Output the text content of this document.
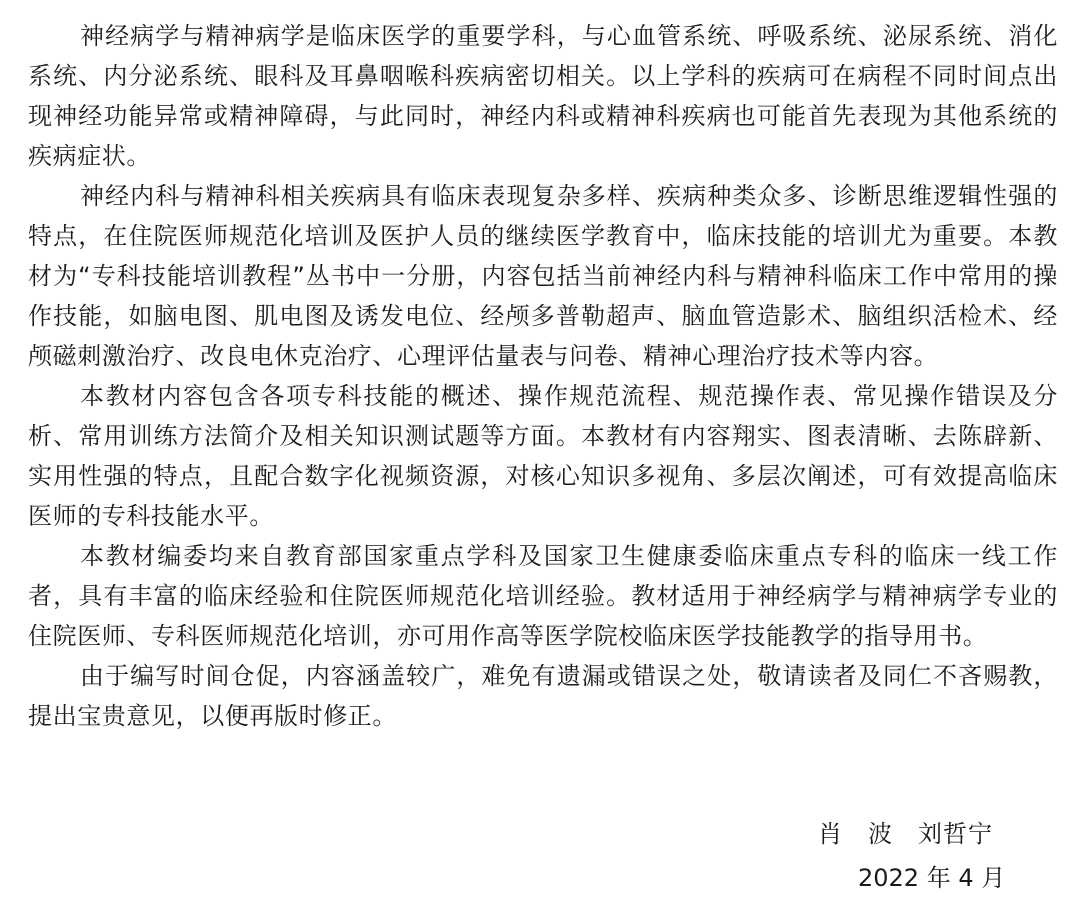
神经病学与精神病学是临床医学的重要学科，与心血管系统、呼吸系统、泌尿系统、消化系统、内分泌系统、眼科及耳鼻咽喉科疾病密切相关。以上学科的疾病可在病程不同时间点出现神经功能异常或精神障碍，与此同时，神经内科或精神科疾病也可能首先表现为其他系统的疾病症状。

神经内科与精神科相关疾病具有临床表现复杂多样、疾病种类众多、诊断思维逻辑性强的特点，在住院医师规范化培训及医护人员的继续医学教育中，临床技能的培训尤为重要。本教材为“专科技能培训教程”丛书中一分册，内容包括当前神经内科与精神科临床工作中常用的操作技能，如脑电图、肌电图及诱发电位、经颅多普勒超声、脑血管造影术、脑组织活检术、经颅磁刺激治疗、改良电休克治疗、心理评估量表与问卷、精神心理治疗技术等内容。

本教材内容包含各项专科技能的概述、操作规范流程、规范操作表、常见操作错误及分析、常用训练方法简介及相关知识测试题等方面。本教材有内容翔实、图表清晰、去陈辟新、实用性强的特点，且配合数字化视频资源，对核心知识多视角、多层次阐述，可有效提高临床医师的专科技能水平。

本教材编委均来自教育部国家重点学科及国家卫生健康委临床重点专科的临床一线工作者，具有丰富的临床经验和住院医师规范化培训经验。教材适用于神经病学与精神病学专业的住院医师、专科医师规范化培训，亦可用作高等医学院校临床医学技能教学的指导用书。

由于编写时间仓促，内容涵盖较广，难免有遗漏或错误之处，敬请读者及同仁不吝赐教，提出宝贵意见，以便再版时修正。

肖　波　刘哲宁
2022 年 4 月
